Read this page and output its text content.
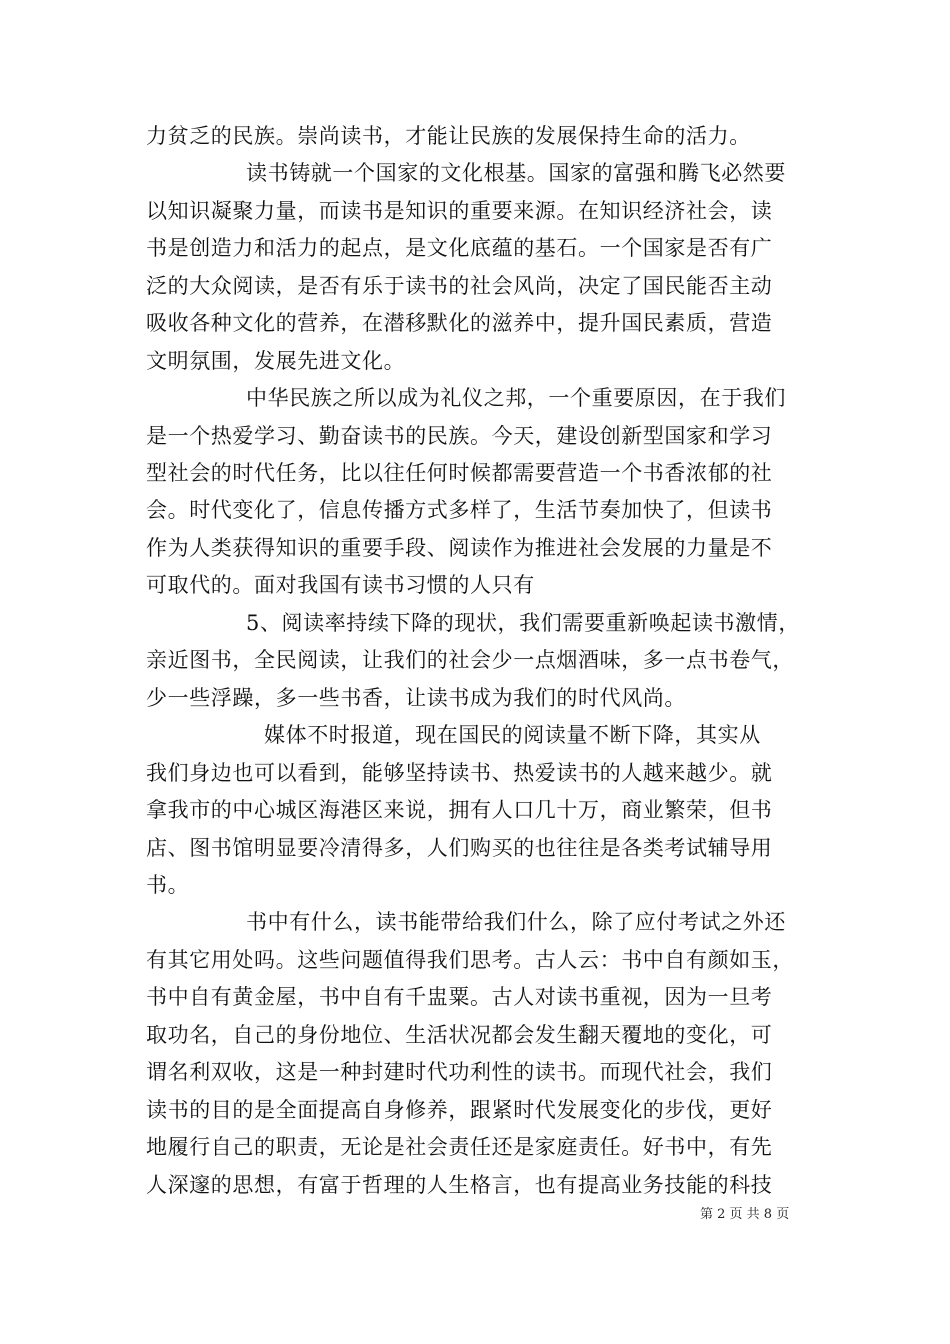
力贫乏的民族。崇尚读书，才能让民族的发展保持生命的活力。
读书铸就一个国家的文化根基。国家的富强和腾飞必然要
以知识凝聚力量，而读书是知识的重要来源。在知识经济社会，读
书是创造力和活力的起点，是文化底蕴的基石。一个国家是否有广
泛的大众阅读，是否有乐于读书的社会风尚，决定了国民能否主动
吸收各种文化的营养，在潜移默化的滋养中，提升国民素质，营造
文明氛围，发展先进文化。
中华民族之所以成为礼仪之邦，一个重要原因，在于我们
是一个热爱学习、勤奋读书的民族。今天，建设创新型国家和学习
型社会的时代任务，比以往任何时候都需要营造一个书香浓郁的社
会。时代变化了，信息传播方式多样了，生活节奏加快了，但读书
作为人类获得知识的重要手段、阅读作为推进社会发展的力量是不
可取代的。面对我国有读书习惯的人只有
5、阅读率持续下降的现状，我们需要重新唤起读书激情，
亲近图书，全民阅读，让我们的社会少一点烟酒味，多一点书卷气，
少一些浮躁，多一些书香，让读书成为我们的时代风尚。
媒体不时报道，现在国民的阅读量不断下降，其实从
我们身边也可以看到，能够坚持读书、热爱读书的人越来越少。就
拿我市的中心城区海港区来说，拥有人口几十万，商业繁荣，但书
店、图书馆明显要冷清得多，人们购买的也往往是各类考试辅导用
书。
书中有什么，读书能带给我们什么，除了应付考试之外还
有其它用处吗。这些问题值得我们思考。古人云：书中自有颜如玉，
书中自有黄金屋，书中自有千盅粟。古人对读书重视，因为一旦考
取功名，自己的身份地位、生活状况都会发生翻天覆地的变化，可
谓名利双收，这是一种封建时代功利性的读书。而现代社会，我们
读书的目的是全面提高自身修养，跟紧时代发展变化的步伐，更好
地履行自己的职责，无论是社会责任还是家庭责任。好书中，有先
人深邃的思想，有富于哲理的人生格言，也有提高业务技能的科技
第 2 页 共 8 页
